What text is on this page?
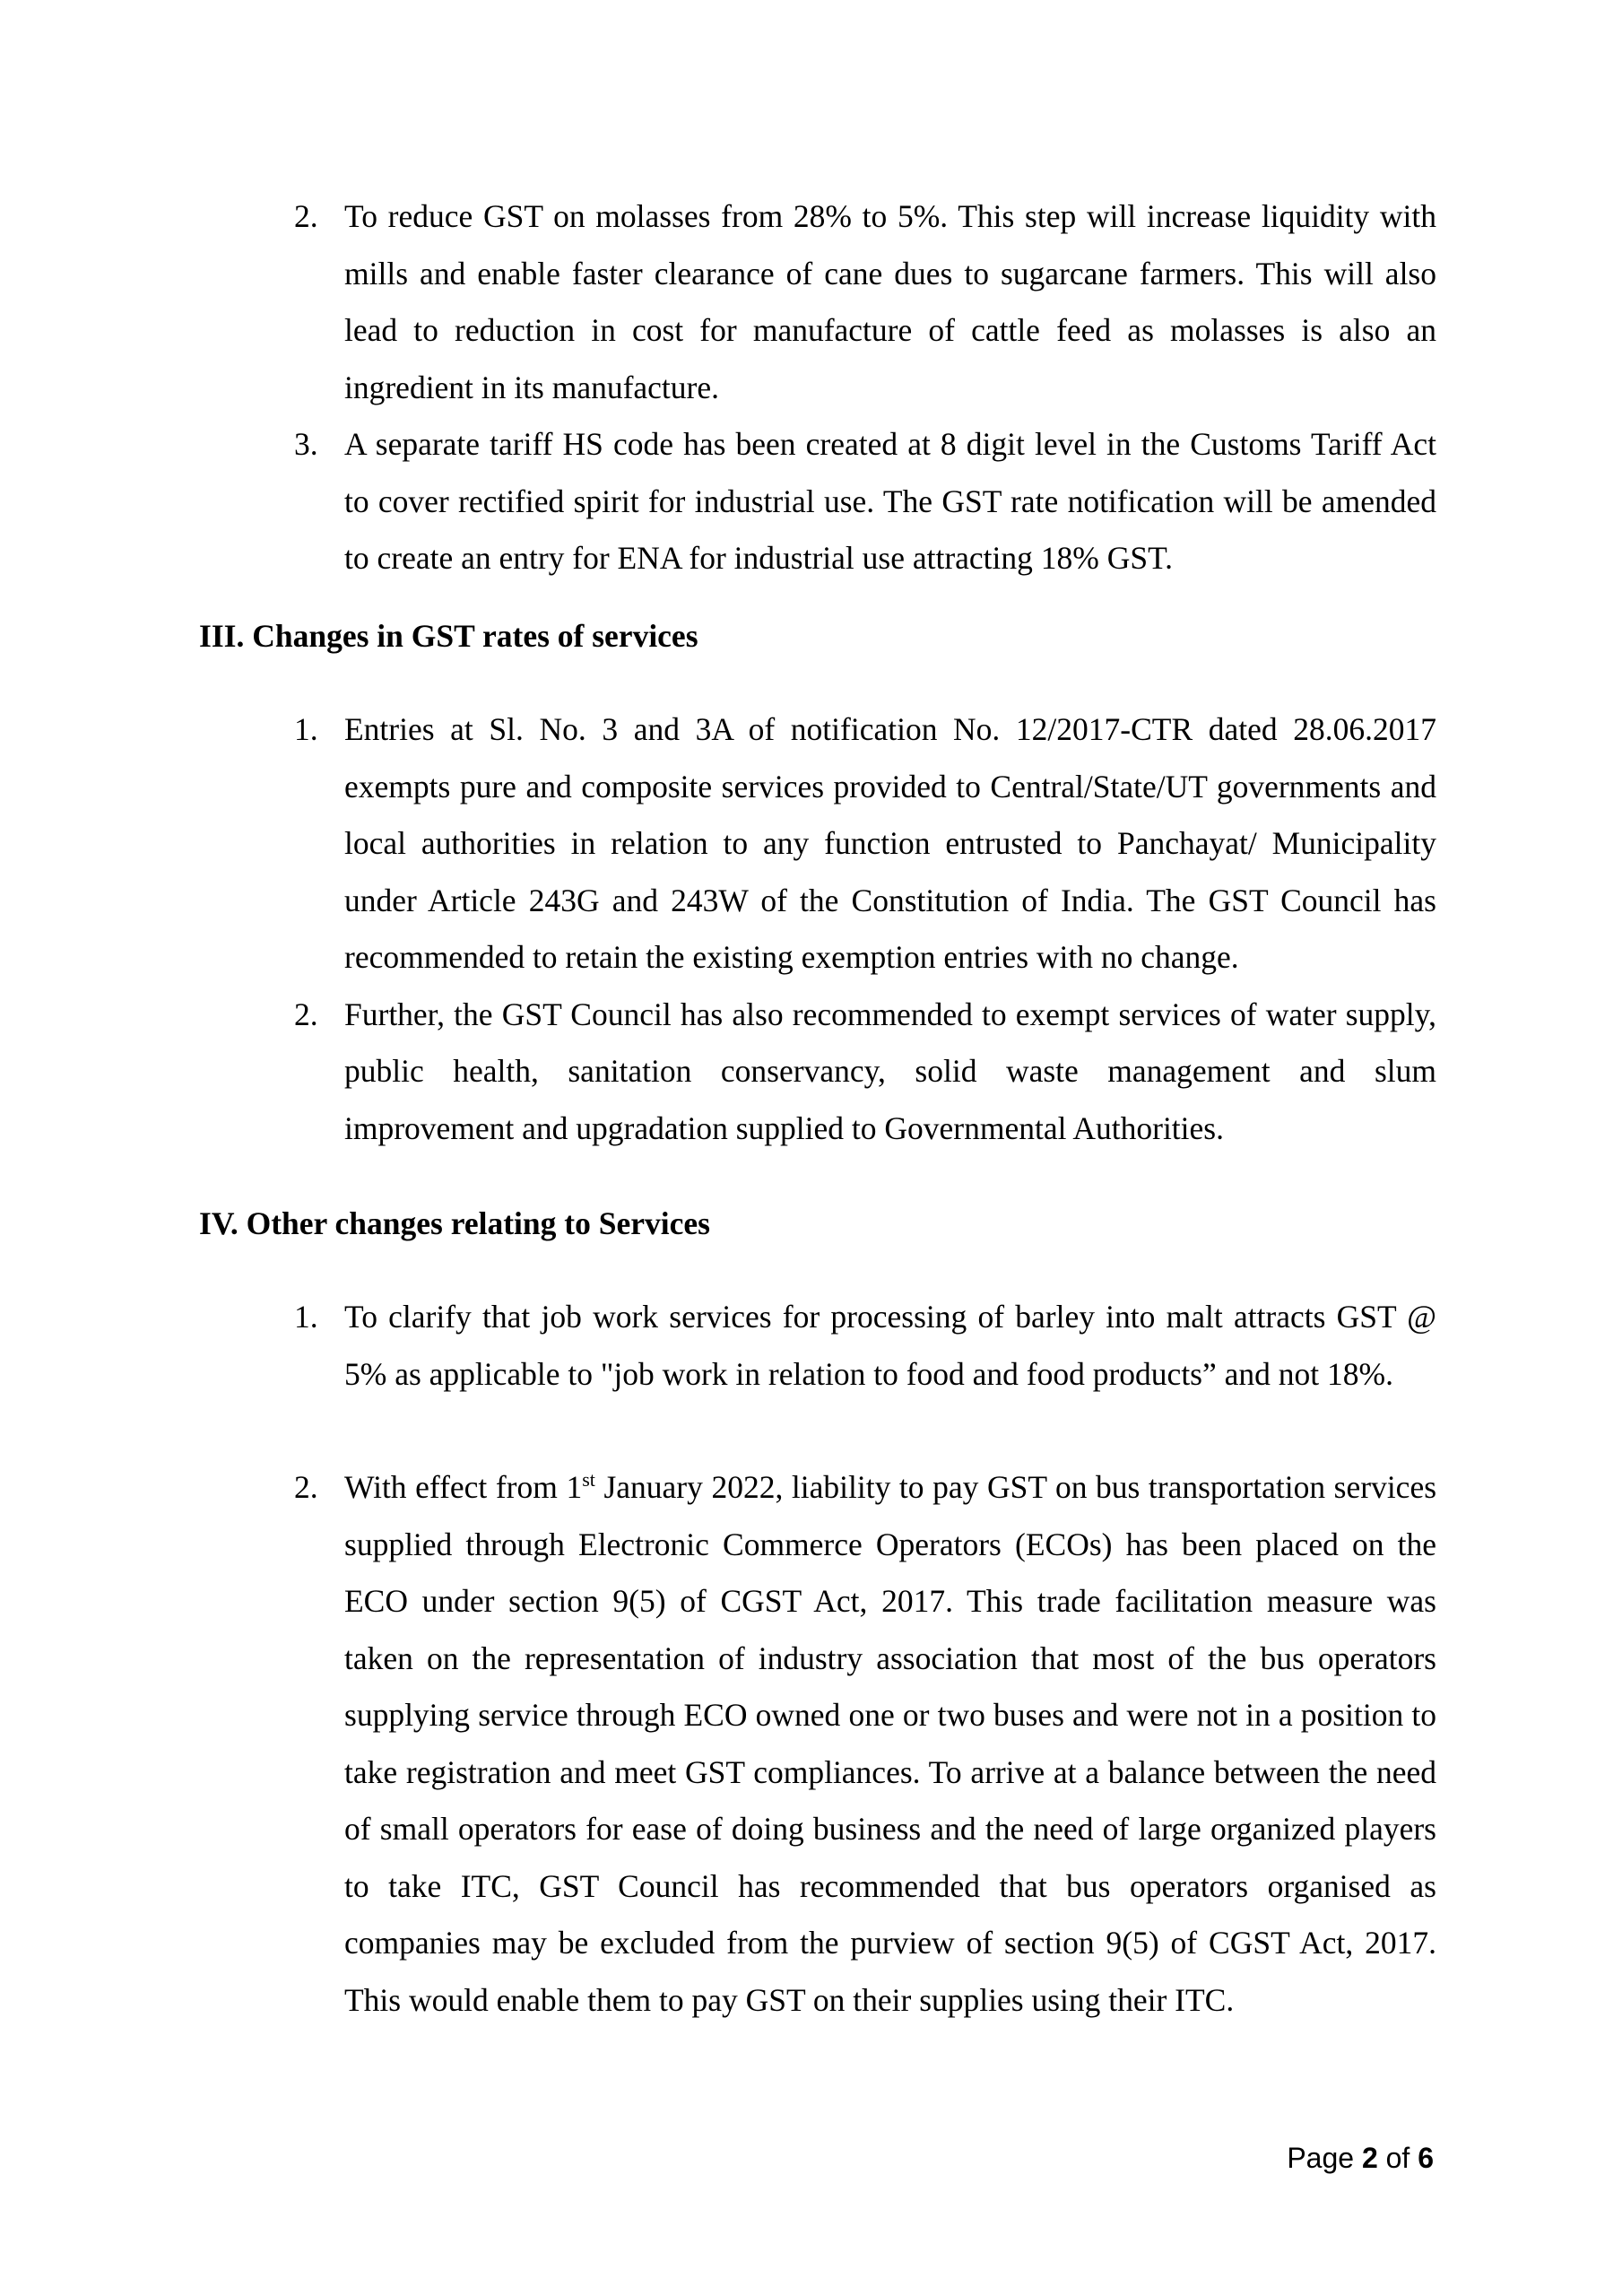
2. To reduce GST on molasses from 28% to 5%. This step will increase liquidity with mills and enable faster clearance of cane dues to sugarcane farmers. This will also lead to reduction in cost for manufacture of cattle feed as molasses is also an ingredient in its manufacture.
3. A separate tariff HS code has been created at 8 digit level in the Customs Tariff Act to cover rectified spirit for industrial use. The GST rate notification will be amended to create an entry for ENA for industrial use attracting 18% GST.
III. Changes in GST rates of services
1. Entries at Sl. No. 3 and 3A of notification No. 12/2017-CTR dated 28.06.2017 exempts pure and composite services provided to Central/State/UT governments and local authorities in relation to any function entrusted to Panchayat/ Municipality under Article 243G and 243W of the Constitution of India. The GST Council has recommended to retain the existing exemption entries with no change.
2. Further, the GST Council has also recommended to exempt services of water supply, public health, sanitation conservancy, solid waste management and slum improvement and upgradation supplied to Governmental Authorities.
IV. Other changes relating to Services
1. To clarify that job work services for processing of barley into malt attracts GST @ 5% as applicable to "job work in relation to food and food products” and not 18%.
2. With effect from 1st January 2022, liability to pay GST on bus transportation services supplied through Electronic Commerce Operators (ECOs) has been placed on the ECO under section 9(5) of CGST Act, 2017. This trade facilitation measure was taken on the representation of industry association that most of the bus operators supplying service through ECO owned one or two buses and were not in a position to take registration and meet GST compliances. To arrive at a balance between the need of small operators for ease of doing business and the need of large organized players to take ITC, GST Council has recommended that bus operators organised as companies may be excluded from the purview of section 9(5) of CGST Act, 2017. This would enable them to pay GST on their supplies using their ITC.
Page 2 of 6
